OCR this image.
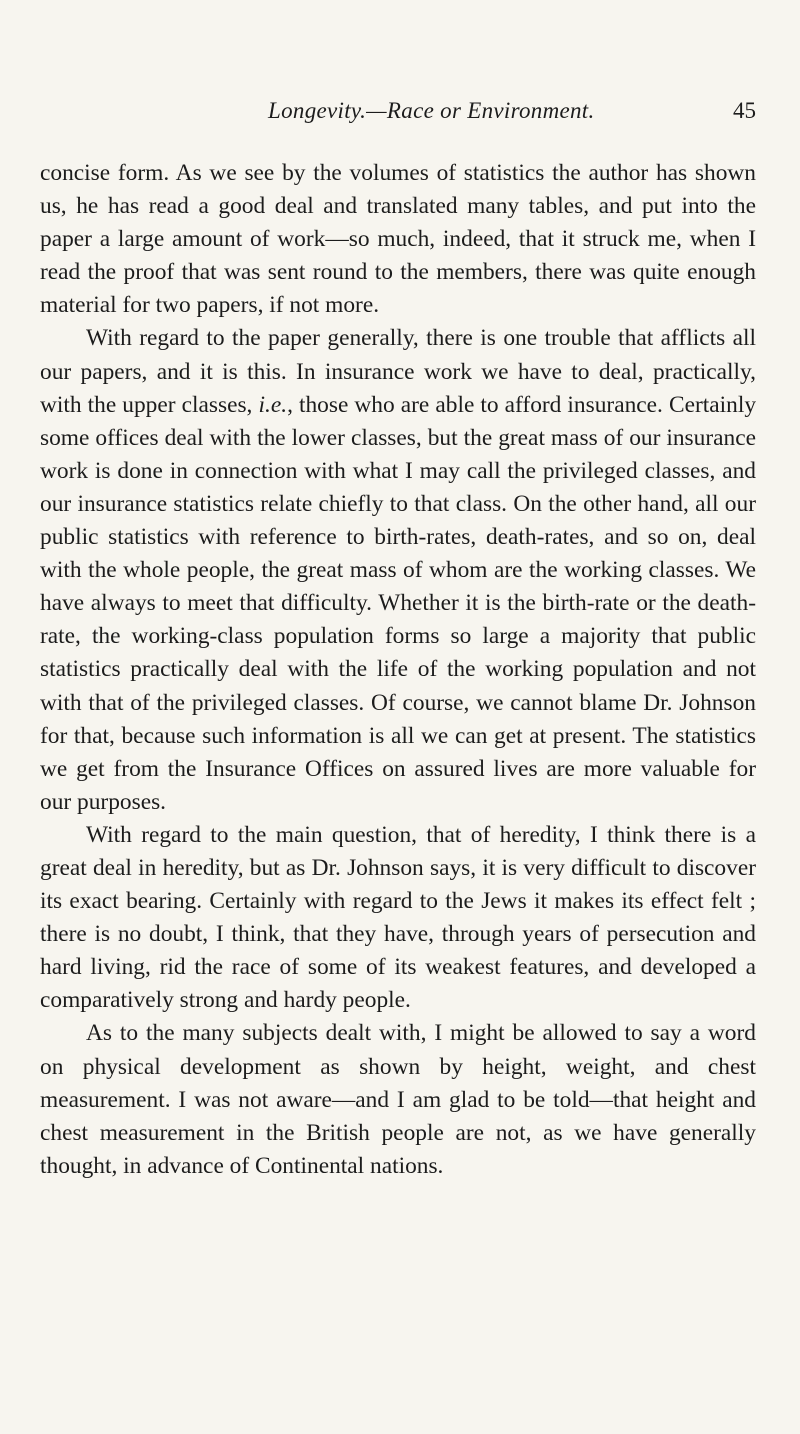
Longevity.—Race or Environment.	45

concise form. As we see by the volumes of statistics the author has shown us, he has read a good deal and translated many tables, and put into the paper a large amount of work—so much, indeed, that it struck me, when I read the proof that was sent round to the members, there was quite enough material for two papers, if not more.

With regard to the paper generally, there is one trouble that afflicts all our papers, and it is this. In insurance work we have to deal, practically, with the upper classes, i.e., those who are able to afford insurance. Certainly some offices deal with the lower classes, but the great mass of our insurance work is done in connection with what I may call the privileged classes, and our insurance statistics relate chiefly to that class. On the other hand, all our public statistics with reference to birth-rates, death-rates, and so on, deal with the whole people, the great mass of whom are the working classes. We have always to meet that difficulty. Whether it is the birth-rate or the death-rate, the working-class population forms so large a majority that public statistics practically deal with the life of the working population and not with that of the privileged classes. Of course, we cannot blame Dr. Johnson for that, because such information is all we can get at present. The statistics we get from the Insurance Offices on assured lives are more valuable for our purposes.

With regard to the main question, that of heredity, I think there is a great deal in heredity, but as Dr. Johnson says, it is very difficult to discover its exact bearing. Certainly with regard to the Jews it makes its effect felt ; there is no doubt, I think, that they have, through years of persecution and hard living, rid the race of some of its weakest features, and developed a comparatively strong and hardy people.

As to the many subjects dealt with, I might be allowed to say a word on physical development as shown by height, weight, and chest measurement. I was not aware—and I am glad to be told—that height and chest measurement in the British people are not, as we have generally thought, in advance of Continental nations.
